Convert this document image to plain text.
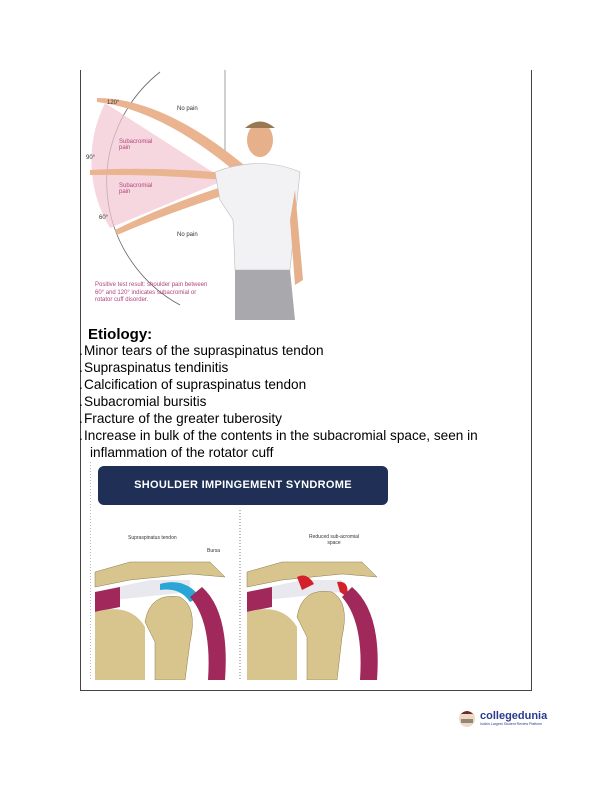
120°
90°
60°
No pain
Subacromial pain
Subacromial pain
No pain
Positive test result: shoulder pain between 60° and 120° indicates subacromial or rotator cuff disorder.
Etiology:
. Minor tears of the supraspinatus tendon
. Supraspinatus tendinitis
. Calcification of supraspinatus tendon
. Subacromial bursitis
. Fracture of the greater tuberosity
. Increase in bulk of the contents in the subacromial space, seen in
inflammation of the rotator cuff
SHOULDER IMPINGEMENT SYNDROME
Supraspinatus tendon
Bursa
Reduced sub-acromial space
collegedunia
India's Largest Student Review Platform
